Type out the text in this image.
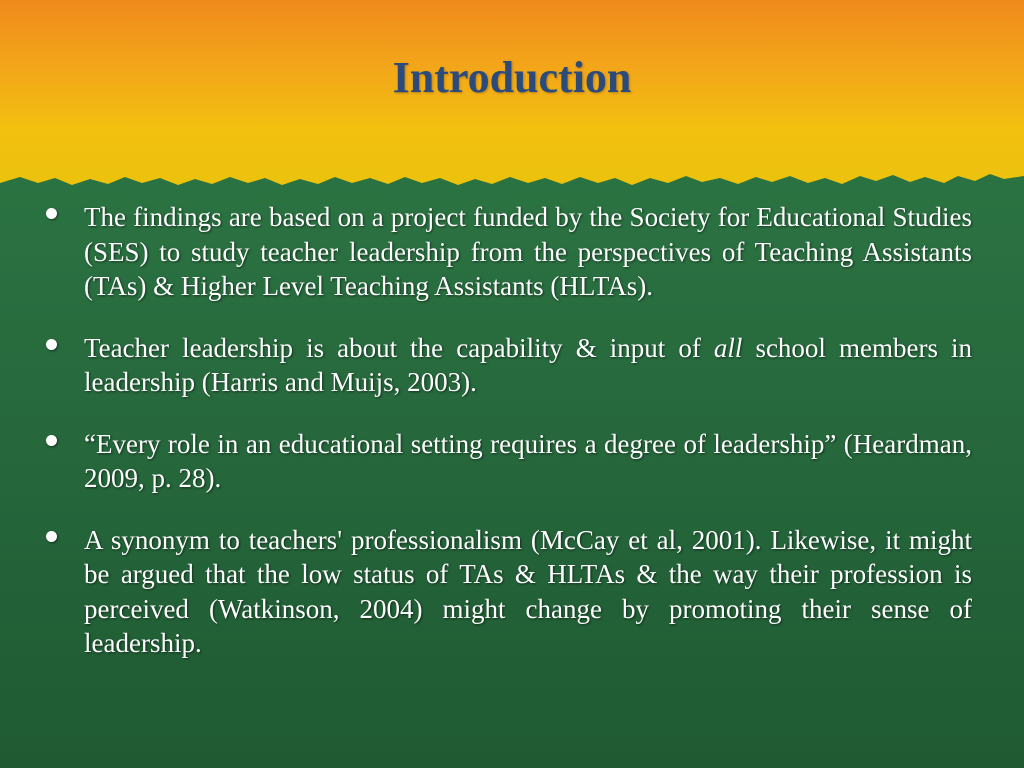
Introduction
The findings are based on a project funded by the Society for Educational Studies (SES) to study teacher leadership from the perspectives of Teaching Assistants (TAs) & Higher Level Teaching Assistants (HLTAs).
Teacher leadership is about the capability & input of all school members in leadership (Harris and Muijs, 2003).
“Every role in an educational setting requires a degree of leadership” (Heardman, 2009, p. 28).
A synonym to teachers' professionalism (McCay et al, 2001). Likewise, it might be argued that the low status of TAs & HLTAs & the way their profession is perceived (Watkinson, 2004) might change by promoting their sense of leadership.
